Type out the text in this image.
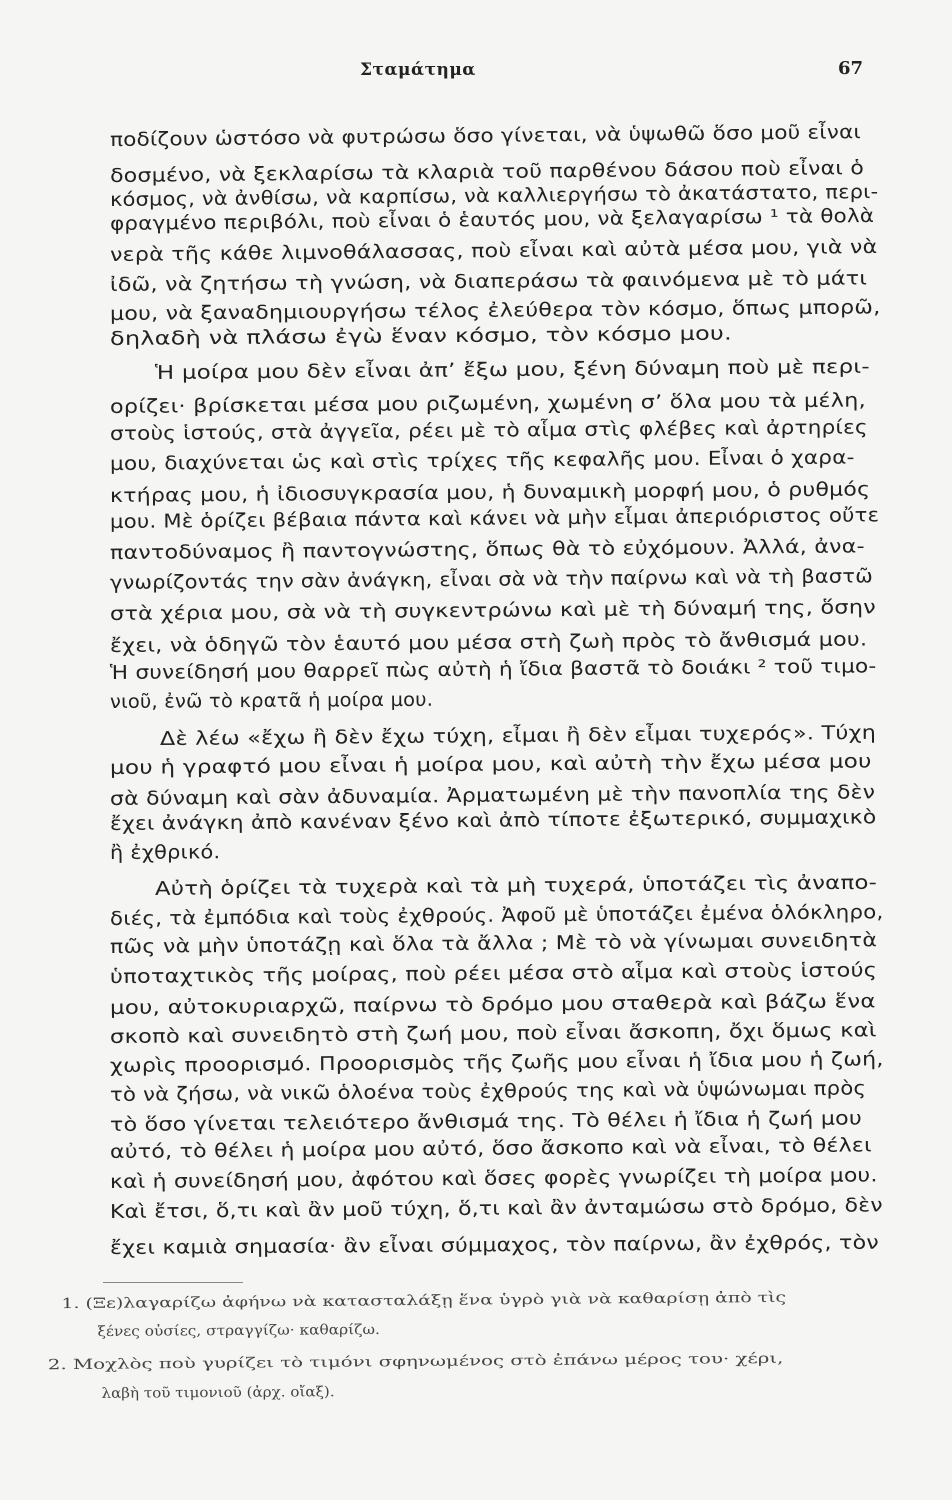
Σταμάτημα	67
ποδίζουν ὡστόσο νὰ φυτρώσω ὅσο γίνεται, νὰ ὑψωθῶ ὅσο μοῦ εἶναι
δοσμένο, νὰ ξεκλαρίσω τὰ κλαριὰ τοῦ παρθένου δάσου ποὺ εἶναι ὁ
κόσμος, νὰ ἀνθίσω, νὰ καρπίσω, νὰ καλλιεργήσω τὸ ἀκατάστατο, περι-
φραγμένο περιβόλι, ποὺ εἶναι ὁ ἑαυτός μου, νὰ ξελαγαρίσω ¹ τὰ θολὰ
νερὰ τῆς κάθε λιμνοθάλασσας, ποὺ εἶναι καὶ αὐτὰ μέσα μου, γιὰ νὰ
ἰδῶ, νὰ ζητήσω τὴ γνώση, νὰ διαπεράσω τὰ φαινόμενα μὲ τὸ μάτι
μου, νὰ ξαναδημιουργήσω τέλος ἐλεύθερα τὸν κόσμο, ὅπως μπορῶ,
δηλαδὴ νὰ πλάσω ἐγὼ ἕναν κόσμο, τὸν κόσμο μου.
Ἡ μοίρα μου δὲν εἶναι ἀπ’ ἔξω μου, ξένη δύναμη ποὺ μὲ περι-
ορίζει· βρίσκεται μέσα μου ριζωμένη, χωμένη σ’ ὅλα μου τὰ μέλη,
στοὺς ἱστούς, στὰ ἀγγεῖα, ρέει μὲ τὸ αἷμα στὶς φλέβες καὶ ἀρτηρίες
μου, διαχύνεται ὡς καὶ στὶς τρίχες τῆς κεφαλῆς μου. Εἶναι ὁ χαρα-
κτήρας μου, ἡ ἰδιοσυγκρασία μου, ἡ δυναμικὴ μορφή μου, ὁ ρυθμός
μου. Μὲ ὁρίζει βέβαια πάντα καὶ κάνει νὰ μὴν εἶμαι ἀπεριόριστος οὔτε
παντοδύναμος ἢ παντογνώστης, ὅπως θὰ τὸ εὐχόμουν. Ἀλλά, ἀνα-
γνωρίζοντάς την σὰν ἀνάγκη, εἶναι σὰ νὰ τὴν παίρνω καὶ νὰ τὴ βαστῶ
στὰ χέρια μου, σὰ νὰ τὴ συγκεντρώνω καὶ μὲ τὴ δύναμή της, ὅσην
ἔχει, νὰ ὁδηγῶ τὸν ἑαυτό μου μέσα στὴ ζωὴ πρὸς τὸ ἄνθισμά μου.
Ἡ συνείδησή μου θαρρεῖ πὼς αὐτὴ ἡ ἴδια βαστᾶ τὸ δοιάκι ² τοῦ τιμο-
νιοῦ, ἐνῶ τὸ κρατᾶ ἡ μοίρα μου.
Δὲ λέω «ἔχω ἢ δὲν ἔχω τύχη, εἶμαι ἢ δὲν εἶμαι τυχερός». Τύχη
μου ἡ γραφτό μου εἶναι ἡ μοίρα μου, καὶ αὐτὴ τὴν ἔχω μέσα μου
σὰ δύναμη καὶ σὰν ἀδυναμία. Ἀρματωμένη μὲ τὴν πανοπλία της δὲν
ἔχει ἀνάγκη ἀπὸ κανέναν ξένο καὶ ἀπὸ τίποτε ἐξωτερικό, συμμαχικὸ
ἢ ἐχθρικό.
Αὐτὴ ὁρίζει τὰ τυχερὰ καὶ τὰ μὴ τυχερά, ὑποτάζει τὶς ἀναπο-
διές, τὰ ἐμπόδια καὶ τοὺς ἐχθρούς. Ἀφοῦ μὲ ὑποτάζει ἐμένα ὁλόκληρο,
πῶς νὰ μὴν ὑποτάζῃ καὶ ὅλα τὰ ἄλλα ; Μὲ τὸ νὰ γίνωμαι συνειδητὰ
ὑποταχτικὸς τῆς μοίρας, ποὺ ρέει μέσα στὸ αἷμα καὶ στοὺς ἱστούς
μου, αὐτοκυριαρχῶ, παίρνω τὸ δρόμο μου σταθερὰ καὶ βάζω ἕνα
σκοπὸ καὶ συνειδητὸ στὴ ζωή μου, ποὺ εἶναι ἄσκοπη, ὄχι ὅμως καὶ
χωρὶς προορισμό. Προορισμὸς τῆς ζωῆς μου εἶναι ἡ ἴδια μου ἡ ζωή,
τὸ νὰ ζήσω, νὰ νικῶ ὁλοένα τοὺς ἐχθρούς της καὶ νὰ ὑψώνωμαι πρὸς
τὸ ὅσο γίνεται τελειότερο ἄνθισμά της. Τὸ θέλει ἡ ἴδια ἡ ζωή μου
αὐτό, τὸ θέλει ἡ μοίρα μου αὐτό, ὅσο ἄσκοπο καὶ νὰ εἶναι, τὸ θέλει
καὶ ἡ συνείδησή μου, ἀφότου καὶ ὅσες φορὲς γνωρίζει τὴ μοίρα μου.
Καὶ ἔτσι, ὅ,τι καὶ ἂν μοῦ τύχη, ὅ,τι καὶ ἂν ἀνταμώσω στὸ δρόμο, δὲν
ἔχει καμιὰ σημασία· ἂν εἶναι σύμμαχος, τὸν παίρνω, ἂν ἐχθρός, τὸν
1. (Ξε)λαγαρίζω ἀφήνω νὰ κατασταλάξῃ ἕνα ὑγρὸ γιὰ νὰ καθαρίσῃ ἀπὸ τὶς
ξένες οὐσίες, στραγγίζω· καθαρίζω.
2. Μοχλὸς ποὺ γυρίζει τὸ τιμόνι σφηνωμένος στὸ ἐπάνω μέρος του· χέρι,
λαβὴ τοῦ τιμονιοῦ (ἀρχ. οἴαξ).
